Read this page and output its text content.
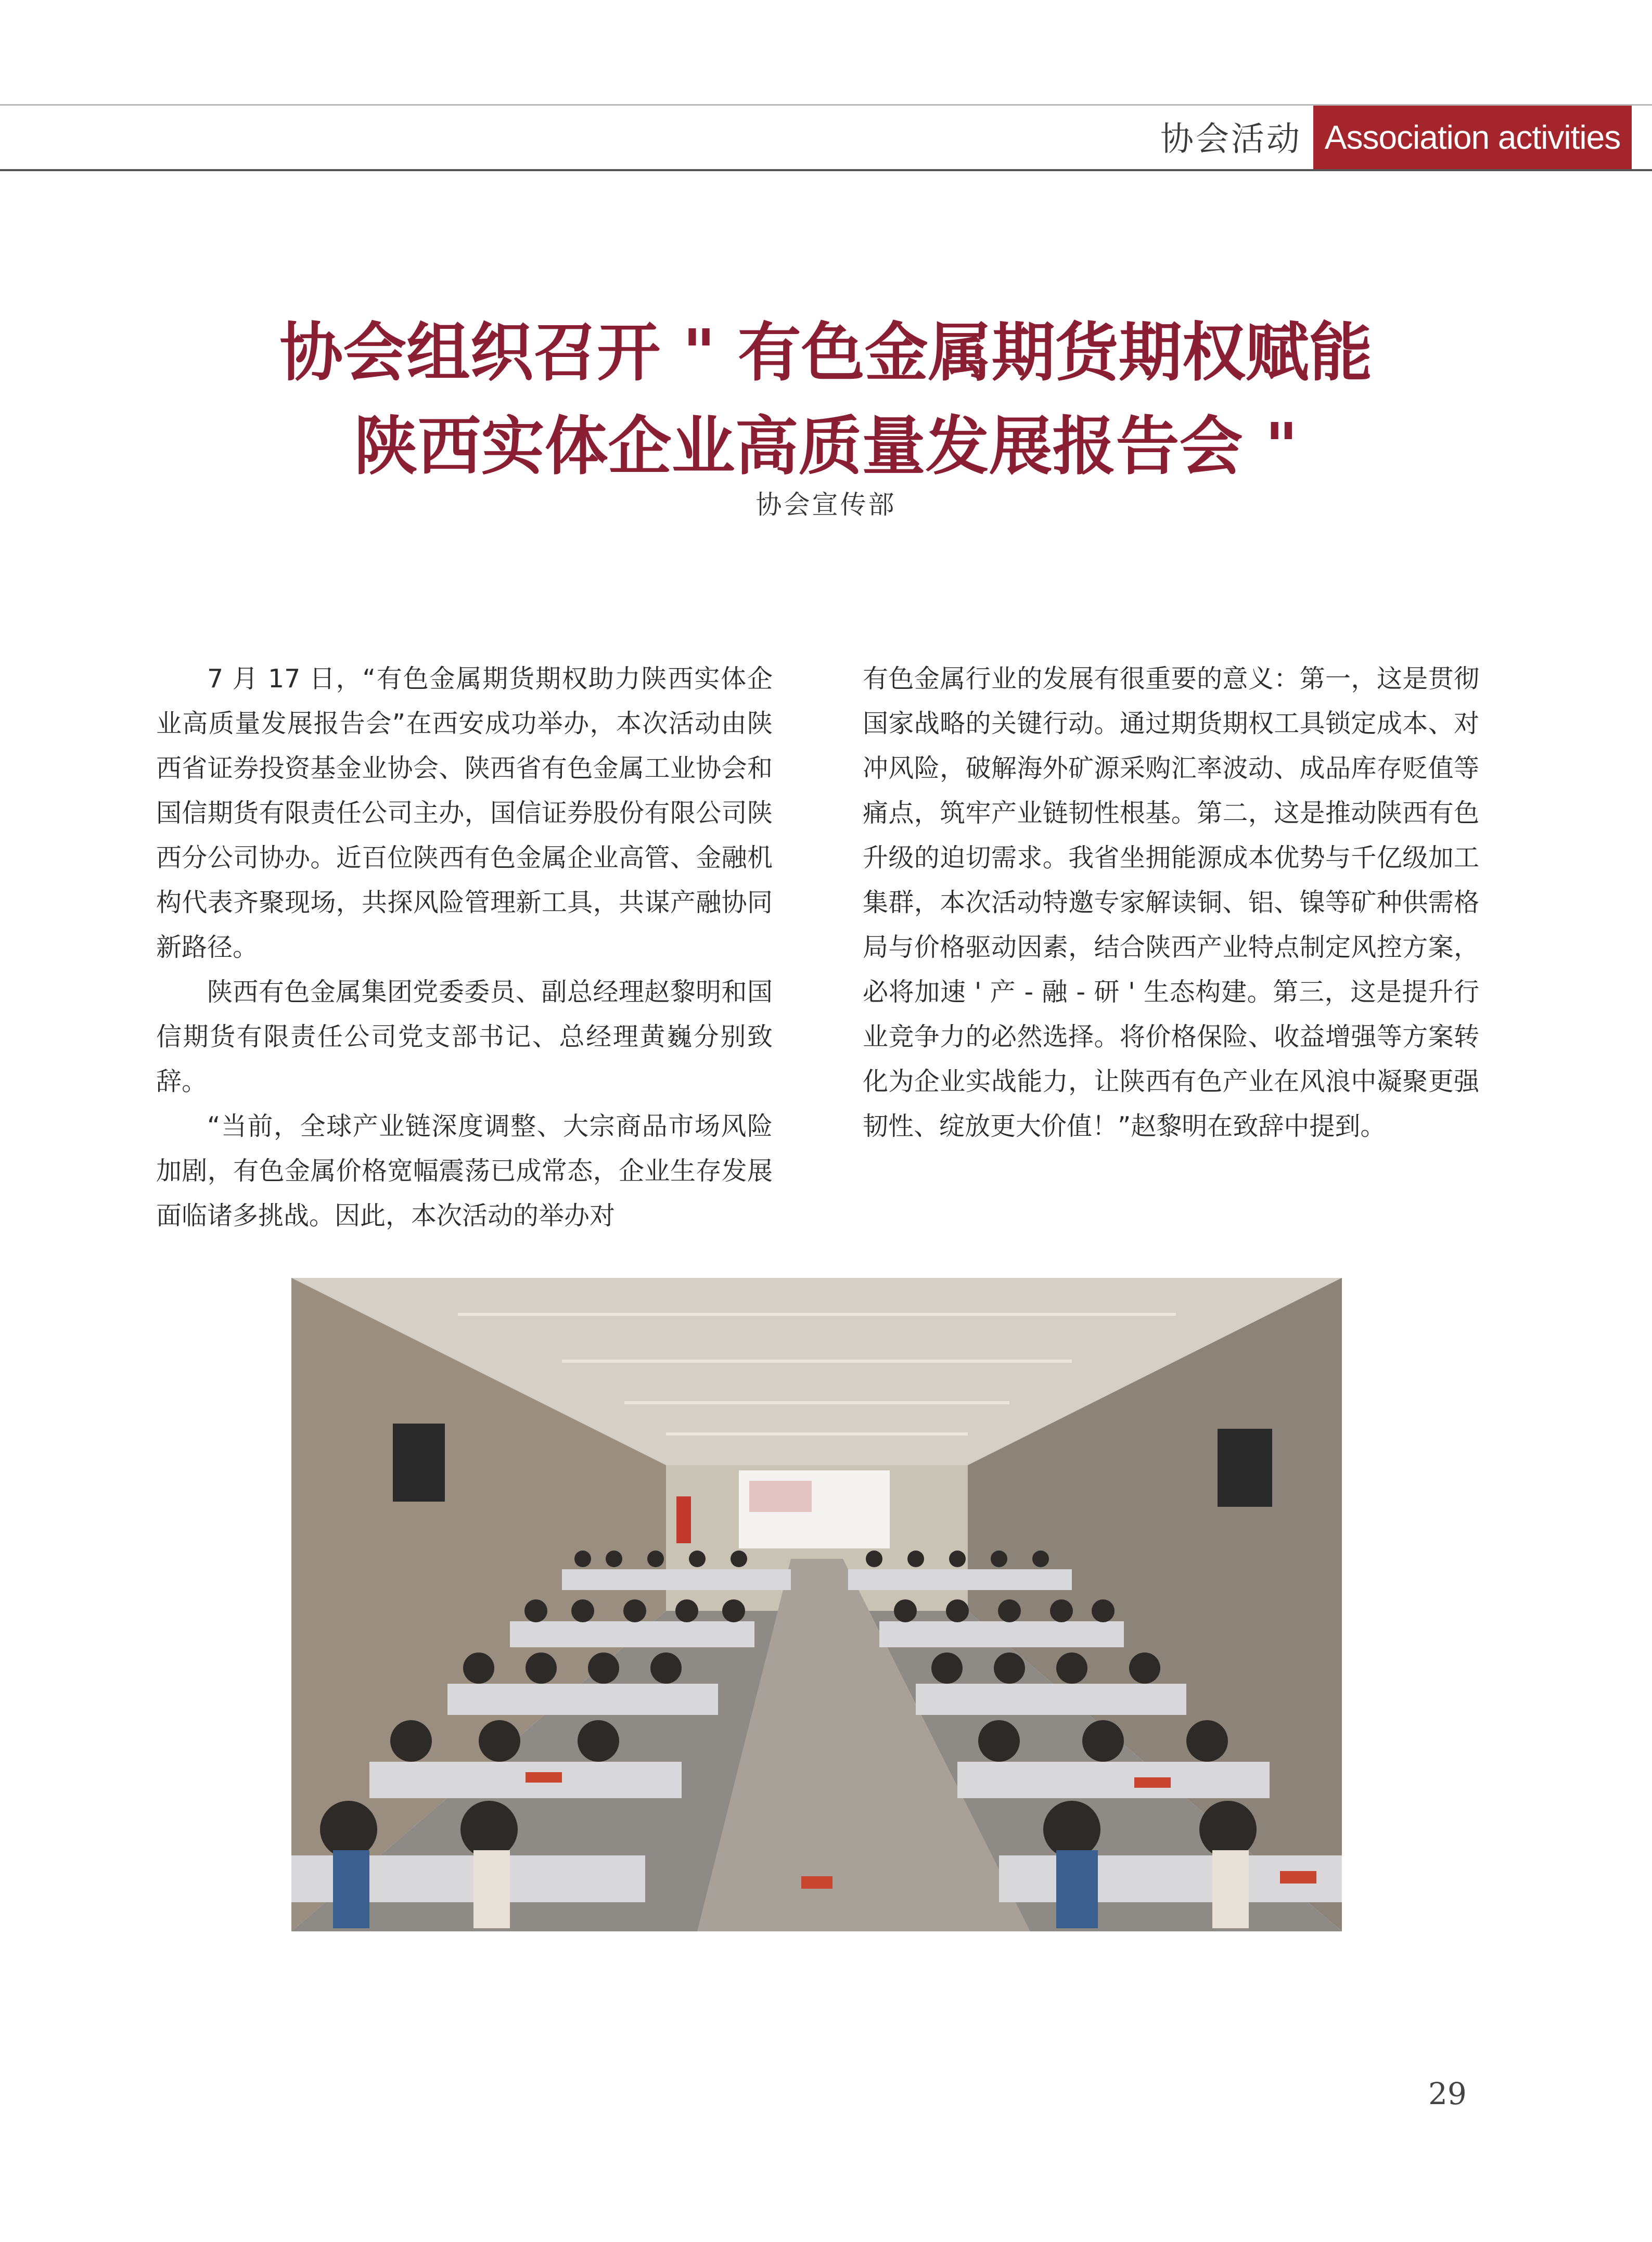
协会活动 Association activities
协会组织召开 " 有色金属期货期权赋能
陕西实体企业高质量发展报告会 "
协会宣传部

7 月 17 日，“有色金属期货期权助力陕西实体企业高质量发展报告会”在西安成功举办，本次活动由陕西省证券投资基金业协会、陕西省有色金属工业协会和国信期货有限责任公司主办，国信证券股份有限公司陕西分公司协办。近百位陕西有色金属企业高管、金融机构代表齐聚现场，共探风险管理新工具，共谋产融协同新路径。

陕西有色金属集团党委委员、副总经理赵黎明和国信期货有限责任公司党支部书记、总经理黄巍分别致辞。

“当前，全球产业链深度调整、大宗商品市场风险加剧，有色金属价格宽幅震荡已成常态，企业生存发展面临诸多挑战。因此，本次活动的举办对

有色金属行业的发展有很重要的意义：第一，这是贯彻国家战略的关键行动。通过期货期权工具锁定成本、对冲风险，破解海外矿源采购汇率波动、成品库存贬值等痛点，筑牢产业链韧性根基。第二，这是推动陕西有色升级的迫切需求。我省坐拥能源成本优势与千亿级加工集群，本次活动特邀专家解读铜、铝、镍等矿种供需格局与价格驱动因素，结合陕西产业特点制定风控方案，必将加速 ' 产 - 融 - 研 ' 生态构建。第三，这是提升行业竞争力的必然选择。将价格保险、收益增强等方案转化为企业实战能力，让陕西有色产业在风浪中凝聚更强韧性、绽放更大价值！”赵黎明在致辞中提到。

29
